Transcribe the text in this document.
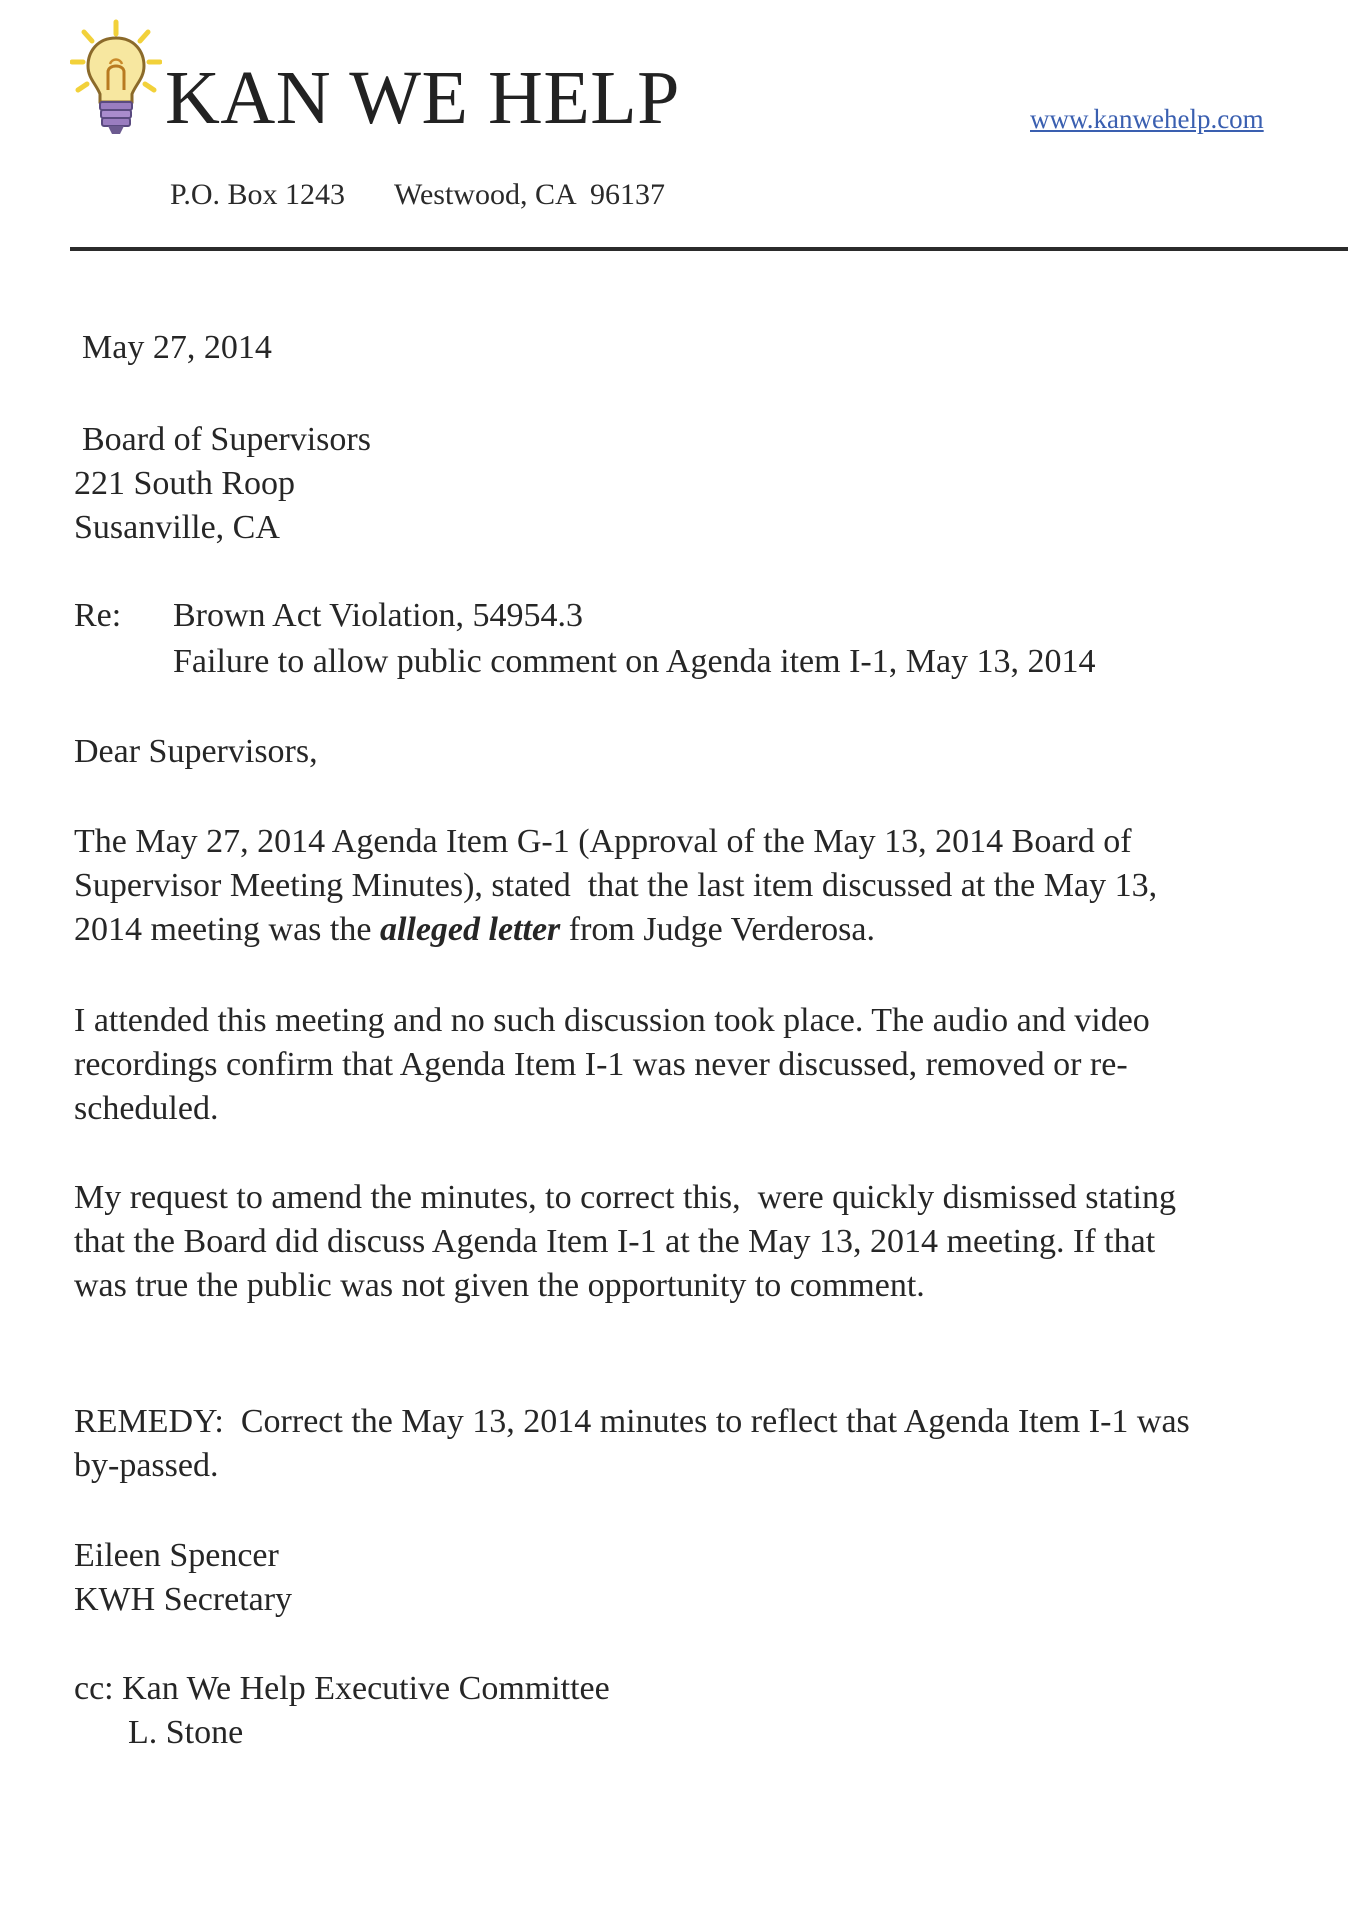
KAN WE HELP	www.kanwehelp.com
P.O. Box 1243 Westwood, CA  96137
May 27, 2014
Board of Supervisors
221 South Roop
Susanville, CA
Re: Brown Act Violation, 54954.3
Failure to allow public comment on Agenda item I-1, May 13, 2014
Dear Supervisors,

The May 27, 2014 Agenda Item G-1 (Approval of the May 13, 2014 Board of

Supervisor Meeting Minutes), stated  that the last item discussed at the May 13,

2014 meeting was the alleged letter from Judge Verderosa.

I attended this meeting and no such discussion took place. The audio and video

recordings confirm that Agenda Item I-1 was never discussed, removed or re-

scheduled.

My request to amend the minutes, to correct this,  were quickly dismissed stating

that the Board did discuss Agenda Item I-1 at the May 13, 2014 meeting. If that

was true the public was not given the opportunity to comment.

REMEDY:  Correct the May 13, 2014 minutes to reflect that Agenda Item I-1 was

by-passed.

Eileen Spencer
KWH Secretary
cc: Kan We Help Executive Committee
L. Stone
